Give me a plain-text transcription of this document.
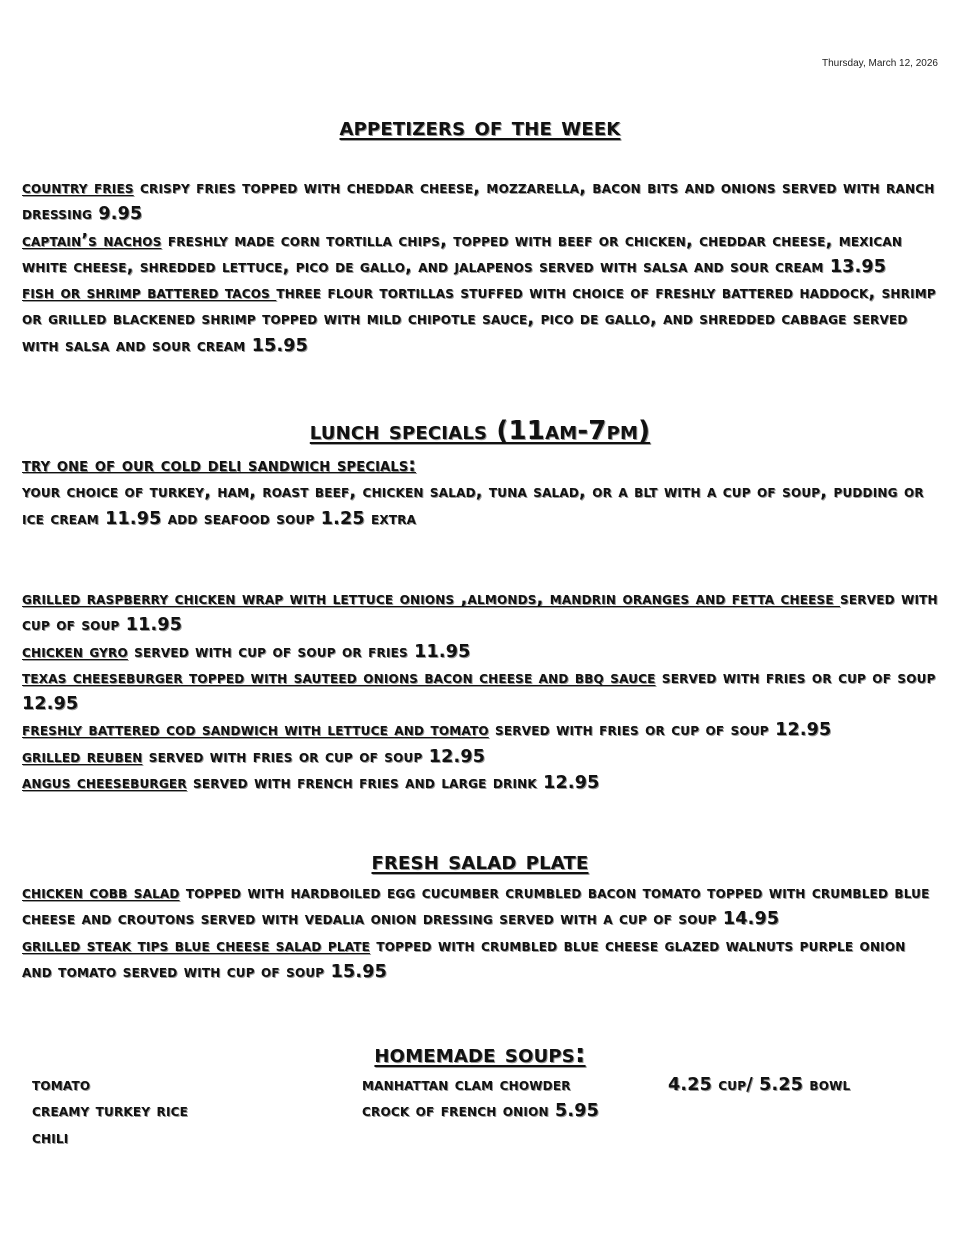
Thursday, March 12, 2026
appetizers of the week

country fries crispy fries topped with cheddar cheese, mozzarella, bacon bits and onions served with ranch dressing 9.95

captain’s nachos freshly made corn tortilla chips, topped with beef or chicken, cheddar cheese, mexican white cheese, shredded lettuce, pico de gallo, and jalapenos served with salsa and sour cream 13.95

fish or shrimp battered tacos three flour tortillas stuffed with choice of freshly battered haddock, shrimp or grilled blackened shrimp topped with mild chipotle sauce, pico de gallo, and shredded cabbage served with salsa and sour cream 15.95

lunch specials (11am-7pm)

try one of our cold deli sandwich specials:

your choice of turkey, ham, roast beef, chicken salad, tuna salad, or a blt with a cup of soup, pudding or ice cream 11.95 add seafood soup 1.25 extra

grilled raspberry chicken wrap with lettuce onions ,almonds, mandrin oranges and fetta cheese served with cup of soup 11.95

chicken gyro served with cup of soup or fries 11.95

texas cheeseburger topped with sauteed onions bacon cheese and bbq sauce served with fries or cup of soup 12.95

freshly battered cod sandwich with lettuce and tomato served with fries or cup of soup 12.95

grilled reuben served with fries or cup of soup 12.95

angus cheeseburger served with french fries and large drink 12.95

fresh salad plate

chicken cobb salad topped with hardboiled egg cucumber crumbled bacon tomato topped with crumbled blue cheese and croutons served with vedalia onion dressing served with a cup of soup 14.95

grilled steak tips blue cheese salad plate topped with crumbled blue cheese glazed walnuts purple onion and tomato served with cup of soup 15.95

homemade soups:
tomato
creamy turkey rice
chili
manhattan clam chowder
crock of french onion 5.95
4.25 cup/ 5.25 bowl
